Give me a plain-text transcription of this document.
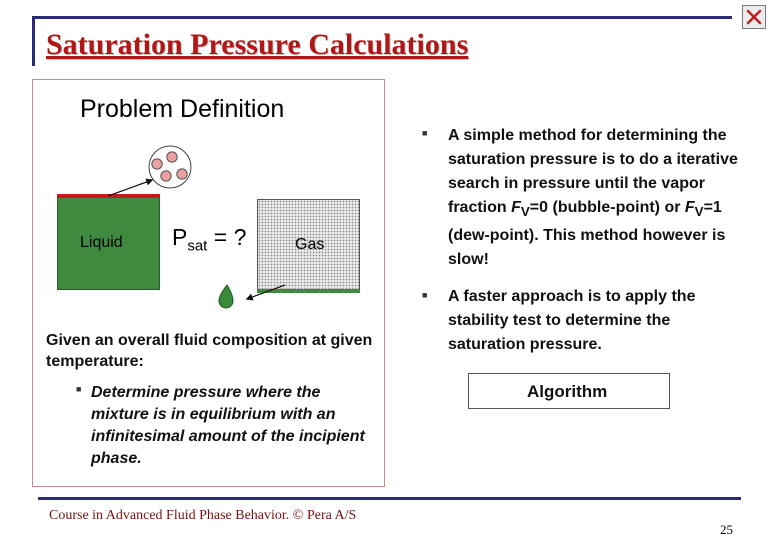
Saturation Pressure Calculations
Problem Definition
Liquid $P_{sat}$ = ?	Gas
Given an overall fluid composition at given temperature:
■ Determine pressure where the mixture is in equilibrium with an infinitesimal amount of the incipient phase.
■ A simple method for determining the saturation pressure is to do a iterative search in pressure until the vapor fraction $F_V=0$ (bubble-point) or $F_V=1$ (dew-point). This method however is slow!
■ A faster approach is to apply the stability test to determine the saturation pressure.
Algorithm
Course in Advanced Fluid Phase Behavior. © Pera A/S
25
